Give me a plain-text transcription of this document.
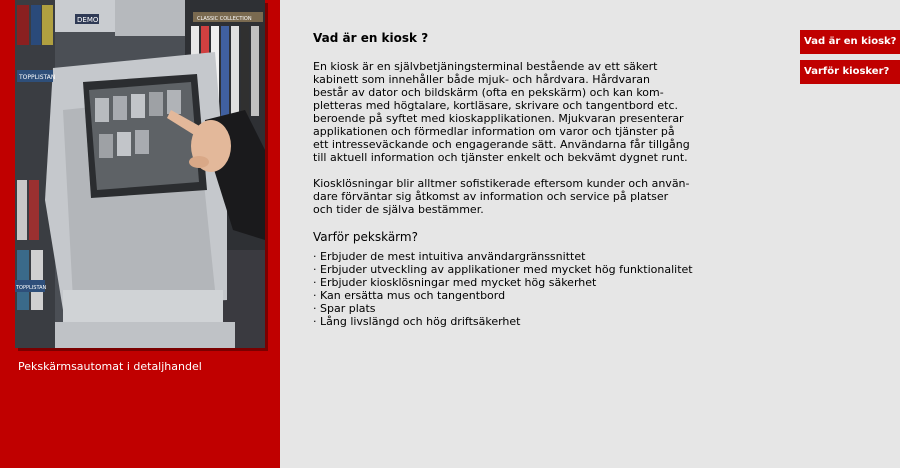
DEMO	CLASSIC COLLECTION
TOPPLISTAN
TOPPLISTAN
Pekskärmsautomat i detaljhandel
Vad är en kiosk ?

En kiosk är en självbetjäningsterminal bestående av ett säkert
kabinett som innehåller både mjuk- och hårdvara. Hårdvaran
består av dator och bildskärm (ofta en pekskärm) och kan kom-
pletteras med högtalare, kortläsare, skrivare och tangentbord etc.
beroende på syftet med kioskapplikationen. Mjukvaran presenterar
applikationen och förmedlar information om varor och tjänster på
ett intresseväckande och engagerande sätt. Användarna får tillgång
till aktuell information och tjänster enkelt och bekvämt dygnet runt.

Kiosklösningar blir alltmer sofistikerade eftersom kunder och använ-
dare förväntar sig åtkomst av information och service på platser
och tider de själva bestämmer.

Varför pekskärm?
· Erbjuder de mest intuitiva användargränssnittet
· Erbjuder utveckling av applikationer med mycket hög funktionalitet
· Erbjuder kiosklösningar med mycket hög säkerhet
· Kan ersätta mus och tangentbord
· Spar plats
· Lång livslängd och hög driftsäkerhet
Vad är en kiosk?
Varför kiosker?
